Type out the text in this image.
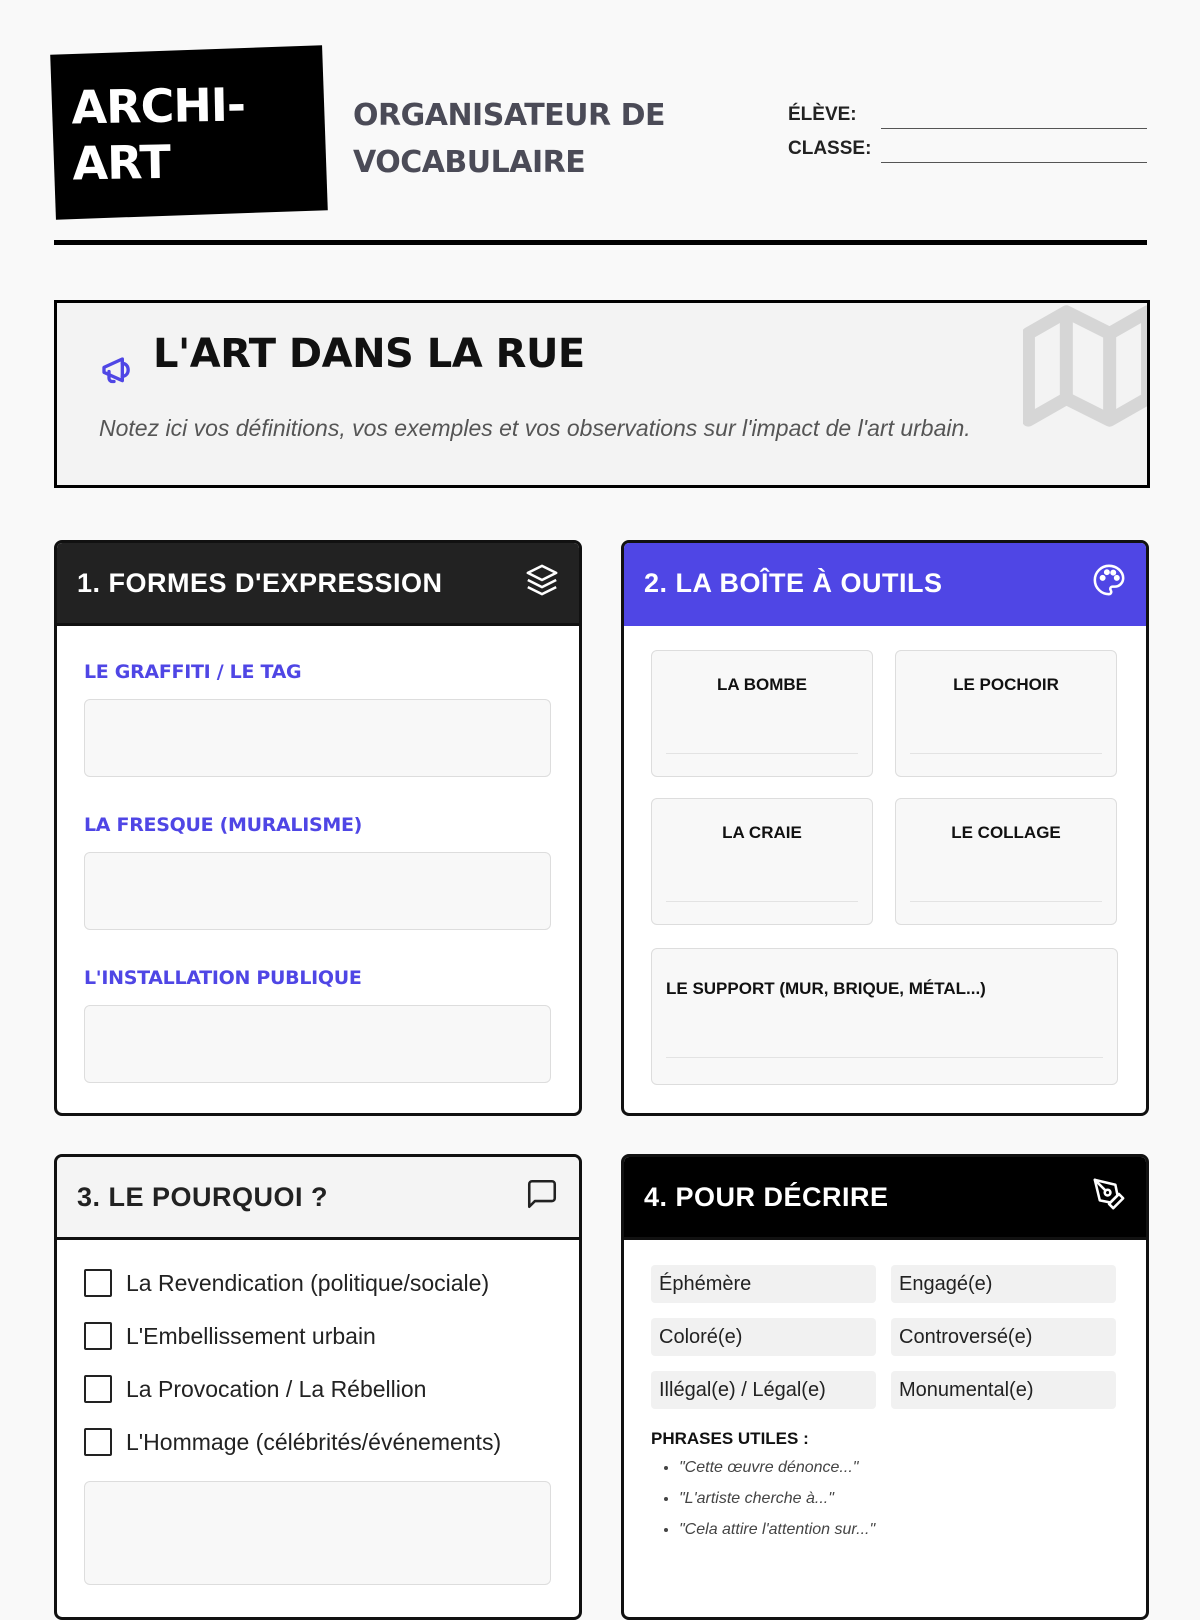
ARCHI-
ART
ORGANISATEUR DE VOCABULAIRE
ÉLÈVE:
CLASSE:
L'ART DANS LA RUE
Notez ici vos définitions, vos exemples et vos observations sur l'impact de l'art urbain.
1. FORMES D'EXPRESSION
LE GRAFFITI / LE TAG
LA FRESQUE (MURALISME)
L'INSTALLATION PUBLIQUE
2. LA BOÎTE À OUTILS
LA BOMBE	LE POCHOIR
LA CRAIE	LE COLLAGE
LE SUPPORT (MUR, BRIQUE, MÉTAL...)
3. LE POURQUOI ?
La Revendication (politique/sociale)
L'Embellissement urbain
La Provocation / La Rébellion
L'Hommage (célébrités/événements)
4. POUR DÉCRIRE
Éphémère	Engagé(e)
Coloré(e)	Controversé(e)
Illégal(e) / Légal(e)	Monumental(e)
PHRASES UTILES :
• "Cette œuvre dénonce..."
• "L'artiste cherche à..."
• "Cela attire l'attention sur..."
